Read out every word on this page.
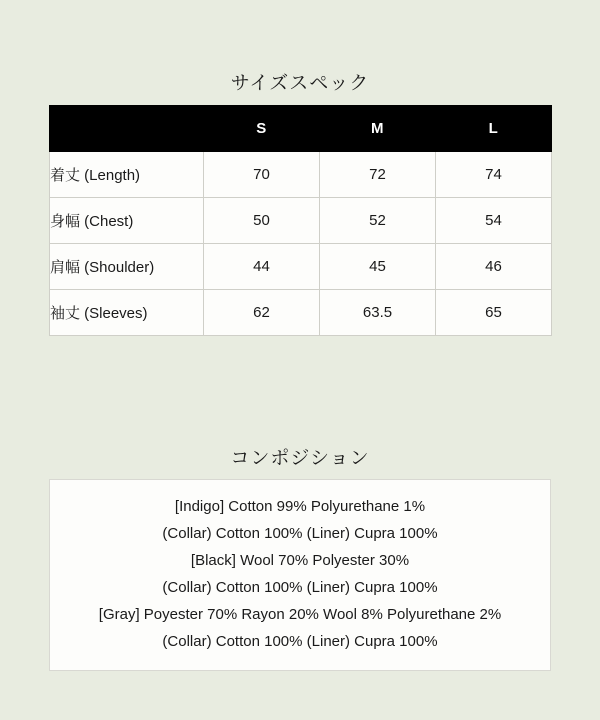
サイズスペック
	S	M	L
着丈 (Length)	70	72	74
身幅 (Chest)	50	52	54
肩幅 (Shoulder)	44	45	46
袖丈 (Sleeves)	62	63.5	65
コンポジション
[Indigo] Cotton 99% Polyurethane 1%
(Collar) Cotton 100% (Liner) Cupra 100%
[Black] Wool 70% Polyester 30%
(Collar) Cotton 100% (Liner) Cupra 100%
[Gray] Poyester 70% Rayon 20% Wool 8% Polyurethane 2%
(Collar) Cotton 100% (Liner) Cupra 100%
